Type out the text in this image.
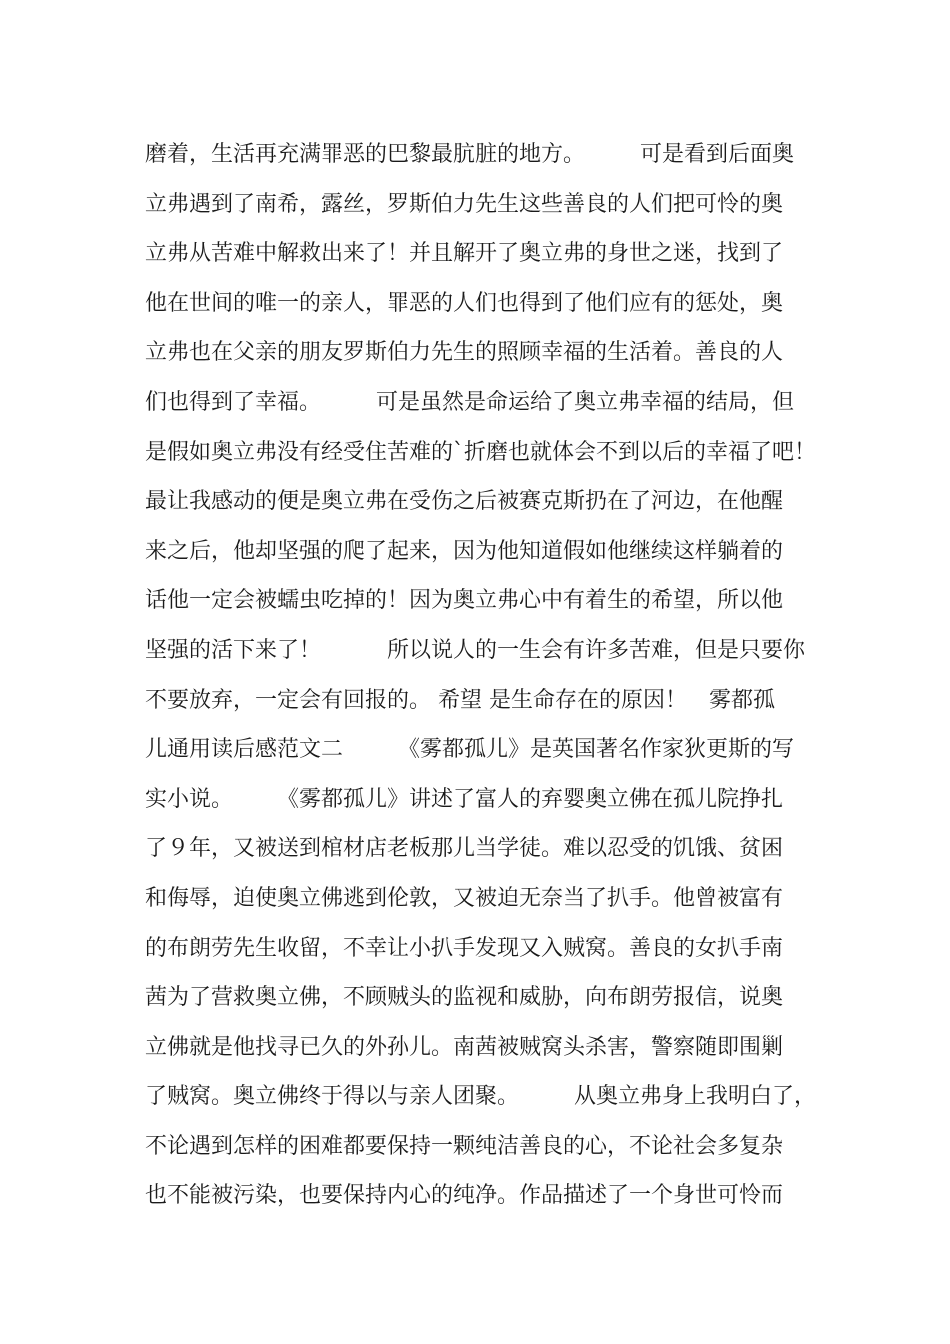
磨着，生活再充满罪恶的巴黎最肮脏的地方。　　　可是看到后面奥
立弗遇到了南希，露丝，罗斯伯力先生这些善良的人们把可怜的奥
立弗从苦难中解救出来了！并且解开了奥立弗的身世之迷，找到了
他在世间的唯一的亲人，罪恶的人们也得到了他们应有的惩处，奥
立弗也在父亲的朋友罗斯伯力先生的照顾幸福的生活着。善良的人
们也得到了幸福。　　　可是虽然是命运给了奥立弗幸福的结局，但
是假如奥立弗没有经受住苦难的`折磨也就体会不到以后的幸福了吧！
最让我感动的便是奥立弗在受伤之后被赛克斯扔在了河边，在他醒
来之后，他却坚强的爬了起来，因为他知道假如他继续这样躺着的
话他一定会被蠕虫吃掉的！因为奥立弗心中有着生的希望，所以他
坚强的活下来了！　　　所以说人的一生会有许多苦难，但是只要你
不要放弃，一定会有回报的。 希望 是生命存在的原因！　雾都孤
儿通用读后感范文二　　　《雾都孤儿》是英国著名作家狄更斯的写
实小说。　　　《雾都孤儿》讲述了富人的弃婴奥立佛在孤儿院挣扎
了９年，又被送到棺材店老板那儿当学徒。难以忍受的饥饿、贫困
和侮辱，迫使奥立佛逃到伦敦，又被迫无奈当了扒手。他曾被富有
的布朗劳先生收留，不幸让小扒手发现又入贼窝。善良的女扒手南
茜为了营救奥立佛，不顾贼头的监视和威胁，向布朗劳报信，说奥
立佛就是他找寻已久的外孙儿。南茜被贼窝头杀害，警察随即围剿
了贼窝。奥立佛终于得以与亲人团聚。　　　从奥立弗身上我明白了，
不论遇到怎样的困难都要保持一颗纯洁善良的心，不论社会多复杂
也不能被污染，也要保持内心的纯净。作品描述了一个身世可怜而
